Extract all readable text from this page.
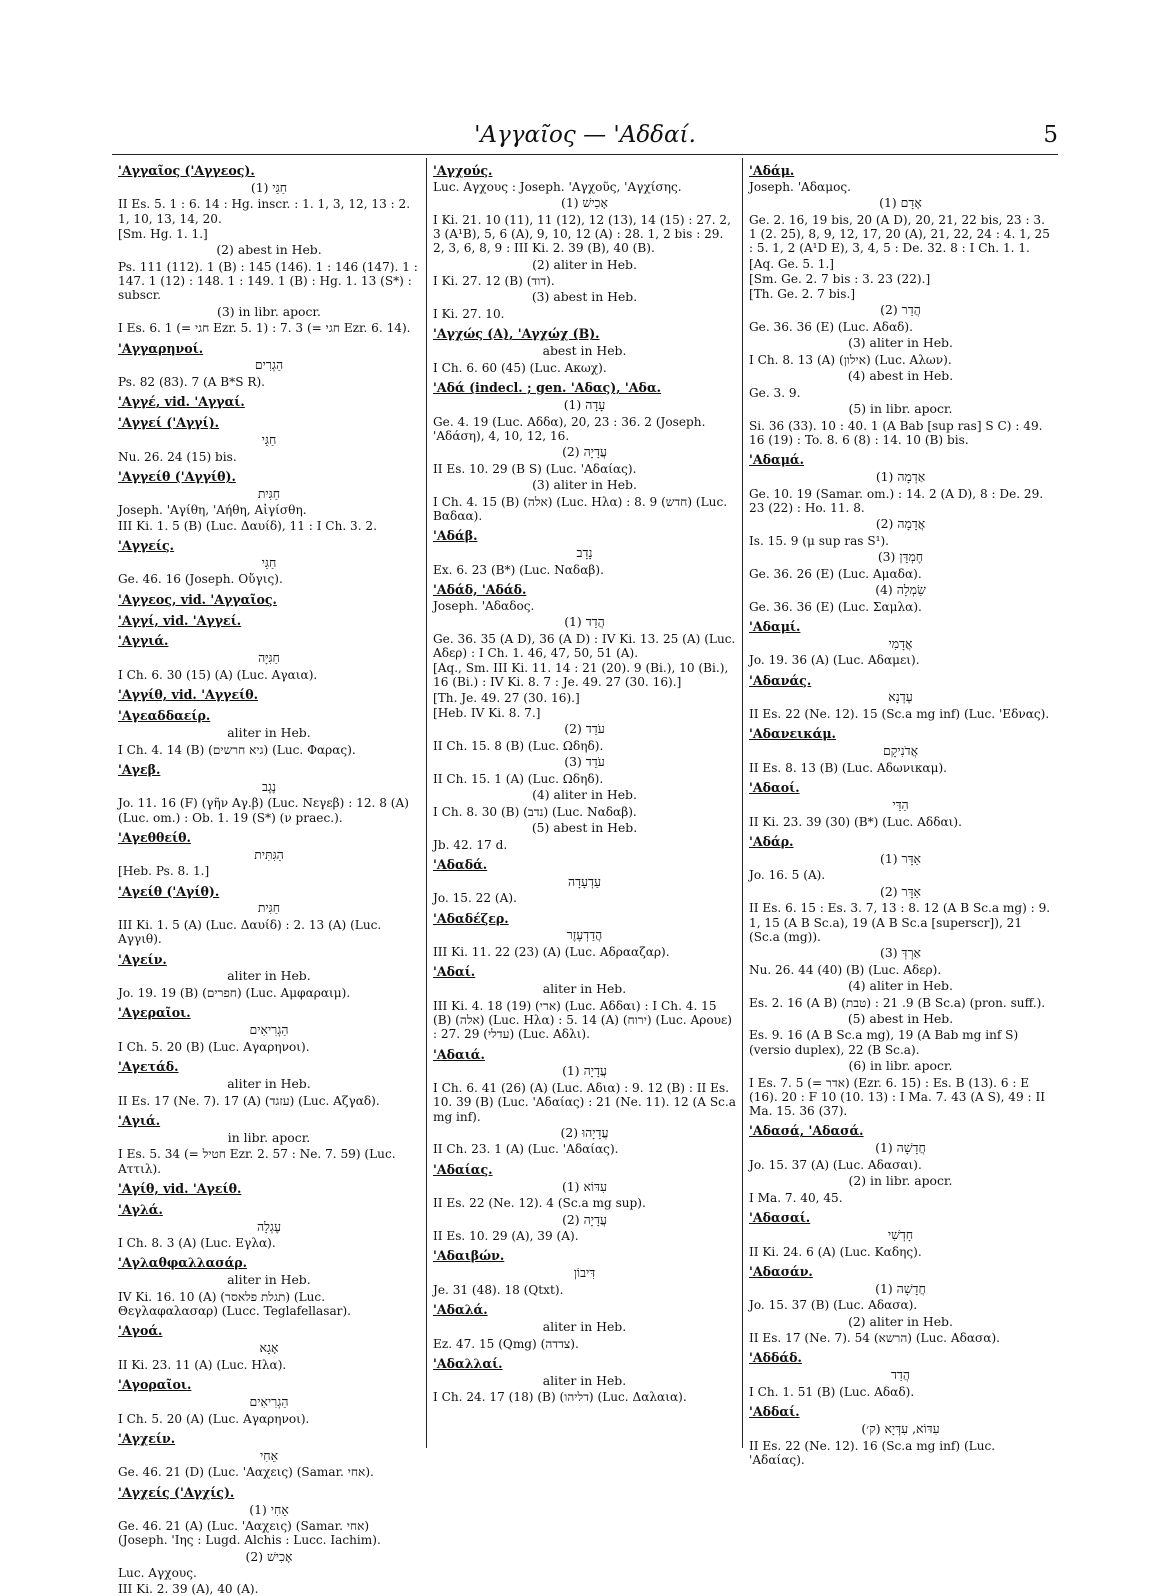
'Αγγαῖος — 'Αδδαί.	5
'Αγγαῖος ('Αγγεος).
(1) חַגַּי
II Es. 5. 1 : 6. 14 : Hg. inscr. : 1. 1, 3, 12, 13 : 2. 1, 10, 13, 14, 20.
[Sm. Hg. 1. 1.]
(2) abest in Heb.
Ps. 111 (112). 1 (B) : 145 (146). 1 : 146 (147). 1 : 147. 1 (12) : 148. 1 : 149. 1 (B) : Hg. 1. 13 (S*) : subscr.
(3) in libr. apocr.
I Es. 6. 1 (= חגי Ezr. 5. 1) : 7. 3 (= חגי Ezr. 6. 14).
'Αγγαρηνοί.
הַגְרִים
Ps. 82 (83). 7 (A B*S R).
'Αγγέ, vid. 'Αγγαί.
'Αγγεί ('Αγγί).
חַגַּי
Nu. 26. 24 (15) bis.
'Αγγείθ ('Αγγίθ).
חַגִּית
Joseph. 'Αγίθη, 'Αήθη, Αἰγίσθη.
III Ki. 1. 5 (B) (Luc. Δαυίδ), 11 : I Ch. 3. 2.
'Αγγείς.
חַגַּי
Ge. 46. 16 (Joseph. Οὔγις).
'Αγγεος, vid. 'Αγγαῖος.
'Αγγί, vid. 'Αγγεί.
'Αγγιά.
חַגִּיָּה
I Ch. 6. 30 (15) (A) (Luc. Αγαια).
'Αγγίθ, vid. 'Αγγείθ.
'Αγεαδδαείρ.
aliter in Heb.
I Ch. 4. 14 (B) (גיא חרשים) (Luc. Φαρας).
'Αγεβ.
נֶגֶב
Jo. 11. 16 (F) (γῆν Αγ.β) (Luc. Νεγεβ) : 12. 8 (A) (Luc. om.) : Ob. 1. 19 (S*) (ν praec.).
'Αγεθθείθ.
הַגִּתִּית
[Heb. Ps. 8. 1.]
'Αγείθ ('Αγίθ).
חַגִּית
III Ki. 1. 5 (A) (Luc. Δαυίδ) : 2. 13 (A) (Luc. Αγγιθ).
'Αγείν.
aliter in Heb.
Jo. 19. 19 (B) (חפרים) (Luc. Αμφαραιμ).
'Αγεραῖοι.
הַגְרִיאִים
I Ch. 5. 20 (B) (Luc. Αγαρηνοι).
'Αγετάδ.
aliter in Heb.
II Es. 17 (Ne. 7). 17 (A) (עזגד) (Luc. Αζγαδ).
'Αγιά.
in libr. apocr.
I Es. 5. 34 (= חטיל Ezr. 2. 57 : Ne. 7. 59) (Luc. Αττιλ).
'Αγίθ, vid. 'Αγείθ.
'Αγλά.
עֶגְלָה
I Ch. 8. 3 (A) (Luc. Εγλα).
'Αγλαθφαλλασάρ.
aliter in Heb.
IV Ki. 16. 10 (A) (תגלת פלאסר) (Luc. Θεγλαφαλασαρ) (Lucc. Teglafellasar).
'Αγοά.
אָגָא
II Ki. 23. 11 (A) (Luc. Ηλα).
'Αγοραῖοι.
הַגְרִיאִים
I Ch. 5. 20 (A) (Luc. Αγαρηνοι).
'Αγχείν.
אֵחִי
Ge. 46. 21 (D) (Luc. 'Ααχεις) (Samar. אחי).
'Αγχείς ('Αγχίς).
(1) אֵחִי
Ge. 46. 21 (A) (Luc. 'Ααχεις) (Samar. אחי) (Joseph. 'Ιης : Lugd. Alchis : Lucc. Iachim).
(2) אָכִישׁ
Luc. Αγχους.
III Ki. 2. 39 (A), 40 (A).
'Αγχούς.
Luc. Αγχους : Joseph. 'Αγχοῦς, 'Αγχίσης.
(1) אָכִישׁ
I Ki. 21. 10 (11), 11 (12), 12 (13), 14 (15) : 27. 2, 3 (A¹B), 5, 6 (A), 9, 10, 12 (A) : 28. 1, 2 bis : 29. 2, 3, 6, 8, 9 : III Ki. 2. 39 (B), 40 (B).
(2) aliter in Heb.
I Ki. 27. 12 (B) (דוד).
(3) abest in Heb.
I Ki. 27. 10.
'Αγχώς (A), 'Αγχώχ (B).
abest in Heb.
I Ch. 6. 60 (45) (Luc. Ακωχ).
'Αδά (indecl. ; gen. 'Αδας), 'Αδα.
(1) עָדָה
Ge. 4. 19 (Luc. Αδδα), 20, 23 : 36. 2 (Joseph. 'Αδάση), 4, 10, 12, 16.
(2) עֲדָיָה
II Es. 10. 29 (B S) (Luc. 'Αδαίας).
(3) aliter in Heb.
I Ch. 4. 15 (B) (אלה) (Luc. Ηλα) : 8. 9 (חדש) (Luc. Βαδαα).
'Αδάβ.
נָדָב
Ex. 6. 23 (B*) (Luc. Ναδαβ).
'Αδάδ, 'Αδάδ.
Joseph. 'Αδαδος.
(1) הֲדַד
Ge. 36. 35 (A D), 36 (A D) : IV Ki. 13. 25 (A) (Luc. Αδερ) : I Ch. 1. 46, 47, 50, 51 (A).
[Aq., Sm. III Ki. 11. 14 : 21 (20). 9 (Bi.), 10 (Bi.), 16 (Bi.) : IV Ki. 8. 7 : Je. 49. 27 (30. 16).]
[Th. Je. 49. 27 (30. 16).]
[Heb. IV Ki. 8. 7.]
(2) עֹדֵד
II Ch. 15. 8 (B) (Luc. Ωδηδ).
(3) עֹדֵד
II Ch. 15. 1 (A) (Luc. Ωδηδ).
(4) aliter in Heb.
I Ch. 8. 30 (B) (נדב) (Luc. Ναδαβ).
(5) abest in Heb.
Jb. 42. 17 d.
'Αδαδά.
עַדְעָדָה
Jo. 15. 22 (A).
'Αδαδέζερ.
הֲדַדְעֶזֶר
III Ki. 11. 22 (23) (A) (Luc. Αδρααζαρ).
'Αδαί.
aliter in Heb.
III Ki. 4. 18 (19) (ארי) (Luc. Αδδαι) : I Ch. 4. 15 (B) (אלה) (Luc. Ηλα) : 5. 14 (A) (ירוח) (Luc. Αρουε) : 27. 29 (עדלי) (Luc. Αδλι).
'Αδαιά.
(1) עֲדָיָה
I Ch. 6. 41 (26) (A) (Luc. Αδια) : 9. 12 (B) : II Es. 10. 39 (B) (Luc. 'Αδαίας) : 21 (Ne. 11). 12 (A Sc.a mg inf).
(2) עֲדָיָהוּ
II Ch. 23. 1 (A) (Luc. 'Αδαίας).
'Αδαίας.
(1) עִדּוֹא
II Es. 22 (Ne. 12). 4 (Sc.a mg sup).
(2) עֲדָיָה
II Es. 10. 29 (A), 39 (A).
'Αδαιβών.
דִּיבוֹן
Je. 31 (48). 18 (Qtxt).
'Αδαλά.
aliter in Heb.
Ez. 47. 15 (Qmg) (צדדה).
'Αδαλλαί.
aliter in Heb.
I Ch. 24. 17 (18) (B) (דליהו) (Luc. Δαλαια).
'Αδάμ.
Joseph. 'Αδαμος.
(1) אָדָם
Ge. 2. 16, 19 bis, 20 (A D), 20, 21, 22 bis, 23 : 3. 1 (2. 25), 8, 9, 12, 17, 20 (A), 21, 22, 24 : 4. 1, 25 : 5. 1, 2 (A¹D E), 3, 4, 5 : De. 32. 8 : I Ch. 1. 1.
[Aq. Ge. 5. 1.]
[Sm. Ge. 2. 7 bis : 3. 23 (22).]
[Th. Ge. 2. 7 bis.]
(2) הֲדַר
Ge. 36. 36 (E) (Luc. Αδαδ).
(3) aliter in Heb.
I Ch. 8. 13 (A) (אילון) (Luc. Αλων).
(4) abest in Heb.
Ge. 3. 9.
(5) in libr. apocr.
Si. 36 (33). 10 : 40. 1 (A Bab [sup ras] S C) : 49. 16 (19) : To. 8. 6 (8) : 14. 10 (B) bis.
'Αδαμά.
(1) אַדְמָה
Ge. 10. 19 (Samar. om.) : 14. 2 (A D), 8 : De. 29. 23 (22) : Ho. 11. 8.
(2) אֲדָמָה
Is. 15. 9 (μ sup ras S¹).
(3) חֶמְדָּן
Ge. 36. 26 (E) (Luc. Αμαδα).
(4) שַׂמְלָה
Ge. 36. 36 (E) (Luc. Σαμλα).
'Αδαμί.
אֲדָמִי
Jo. 19. 36 (A) (Luc. Αδαμει).
'Αδανάς.
עֶדְנָא
II Es. 22 (Ne. 12). 15 (Sc.a mg inf) (Luc. 'Εδνας).
'Αδανεικάμ.
אֲדֹנִיקָם
II Es. 8. 13 (B) (Luc. Αδωνικαμ).
'Αδαοί.
הַדַּי
II Ki. 23. 39 (30) (B*) (Luc. Αδδαι).
'Αδάρ.
(1) אַדָּר
Jo. 16. 5 (A).
(2) אַדָּר
II Es. 6. 15 : Es. 3. 7, 13 : 8. 12 (A B Sc.a mg) : 9. 1, 15 (A B Sc.a), 19 (A B Sc.a [superscr]), 21 (Sc.a (mg)).
(3) אַרְדְּ
Nu. 26. 44 (40) (B) (Luc. Αδερ).
(4) aliter in Heb.
Es. 2. 16 (A B) (טבת) : 9. 21 (B Sc.a) (pron. suff.).
(5) abest in Heb.
Es. 9. 16 (A B Sc.a mg), 19 (A Bab mg inf S) (versio duplex), 22 (B Sc.a).
(6) in libr. apocr.
I Es. 7. 5 (= אדר) (Ezr. 6. 15) : Es. B (13). 6 : E (16). 20 : F 10 (10. 13) : I Ma. 7. 43 (A S), 49 : II Ma. 15. 36 (37).
'Αδασά, 'Αδασά.
(1) חֲדָשָׁה
Jo. 15. 37 (A) (Luc. Αδασαι).
(2) in libr. apocr.
I Ma. 7. 40, 45.
'Αδασαί.
חָדְשִׁי
II Ki. 24. 6 (A) (Luc. Καδης).
'Αδασάν.
(1) חֲדָשָׁה
Jo. 15. 37 (B) (Luc. Αδασα).
(2) aliter in Heb.
II Es. 17 (Ne. 7). 54 (הרשא) (Luc. Αδασα).
'Αδδάδ.
הֲדַד
I Ch. 1. 51 (B) (Luc. Αδαδ).
'Αδδαί.
עִדּוֹא, עִדְּיָא (ק׳)
II Es. 22 (Ne. 12). 16 (Sc.a mg inf) (Luc. 'Αδαίας).
